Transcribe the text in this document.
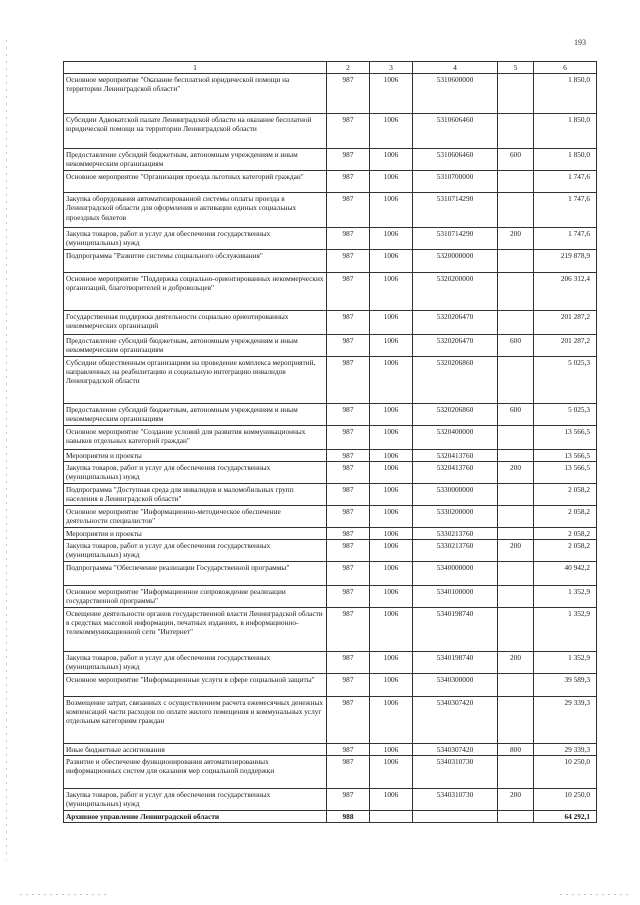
193
1	2	3	4	5	6
Основное мероприятие "Оказание бесплатной юридической помощи на территории Ленинградской области"	987	1006	5310600000		1 850,0
Субсидии Адвокатской палате Ленинградской области на оказание бесплатной юридической помощи на территории Ленинградской области	987	1006	5310606460		1 850,0
Предоставление субсидий бюджетным, автономным учреждениям и иным некоммерческим организациям	987	1006	5310606460	600	1 850,0
Основное мероприятие "Организация проезда льготных категорий граждан"	987	1006	5310700000		1 747,6
Закупка оборудования автоматизированной системы оплаты проезда в Ленинградской области для оформления и активации единых социальных проездных билетов	987	1006	5310714290		1 747,6
Закупка товаров, работ и услуг для обеспечения государственных (муниципальных) нужд	987	1006	5310714290	200	1 747,6
Подпрограмма "Развитие системы социального обслуживания"	987	1006	5320000000		219 878,9
Основное мероприятие "Поддержка социально-ориентированных некоммерческих организаций, благотворителей и добровольцев"	987	1006	5320200000		206 312,4
Государственная поддержка деятельности социально ориентированных некоммерческих организаций	987	1006	5320206470		201 287,2
Предоставление субсидий бюджетным, автономным учреждениям и иным некоммерческим организациям	987	1006	5320206470	600	201 287,2
Субсидии общественным организациям на проведение комплекса мероприятий, направленных на реабилитацию и социальную интеграцию инвалидов Ленинградской области	987	1006	5320206860		5 025,3
Предоставление субсидий бюджетным, автономным учреждениям и иным некоммерческим организациям	987	1006	5320206860	600	5 025,3
Основное мероприятие "Создание условий для развития коммуникационных навыков отдельных категорий граждан"	987	1006	5320400000		13 566,5
Мероприятия и проекты	987	1006	5320413760		13 566,5
Закупка товаров, работ и услуг для обеспечения государственных (муниципальных) нужд	987	1006	5320413760	200	13 566,5
Подпрограмма "Доступная среда для инвалидов и маломобильных групп населения в Ленинградской области"	987	1006	5330000000		2 058,2
Основное мероприятие "Информационно-методическое обеспечение деятельности специалистов"	987	1006	5330200000		2 058,2
Мероприятия и проекты	987	1006	5330213760		2 058,2
Закупка товаров, работ и услуг для обеспечения государственных (муниципальных) нужд	987	1006	5330213760	200	2 058,2
Подпрограмма "Обеспечение реализации Государственной программы"	987	1006	5340000000		40 942,2
Основное мероприятие "Информационное сопровождение реализации государственной программы"	987	1006	5340100000		1 352,9
Освещение деятельности органов государственной власти Ленинградской области в средствах массовой информации, печатных изданиях, в информационно-телекоммуникационной сети "Интернет"	987	1006	5340198740		1 352,9
Закупка товаров, работ и услуг для обеспечения государственных (муниципальных) нужд	987	1006	5340198740	200	1 352,9
Основное мероприятие "Информационные услуги в сфере социальной защиты"	987	1006	5340300000		39 589,3
Возмещение затрат, связанных с осуществлением расчета ежемесячных денежных компенсаций части расходов по оплате жилого помещения и коммунальных услуг отдельным категориям граждан	987	1006	5340307420		29 339,3
Иные бюджетные ассигнования	987	1006	5340307420	800	29 339,3
Развитие и обеспечение функционирования автоматизированных информационных систем для оказания мер социальной поддержки	987	1006	5340310730		10 250,0
Закупка товаров, работ и услуг для обеспечения государственных (муниципальных) нужд	987	1006	5340310730	200	10 250,0
Архивное управление Ленинградской области	988				64 292,1
